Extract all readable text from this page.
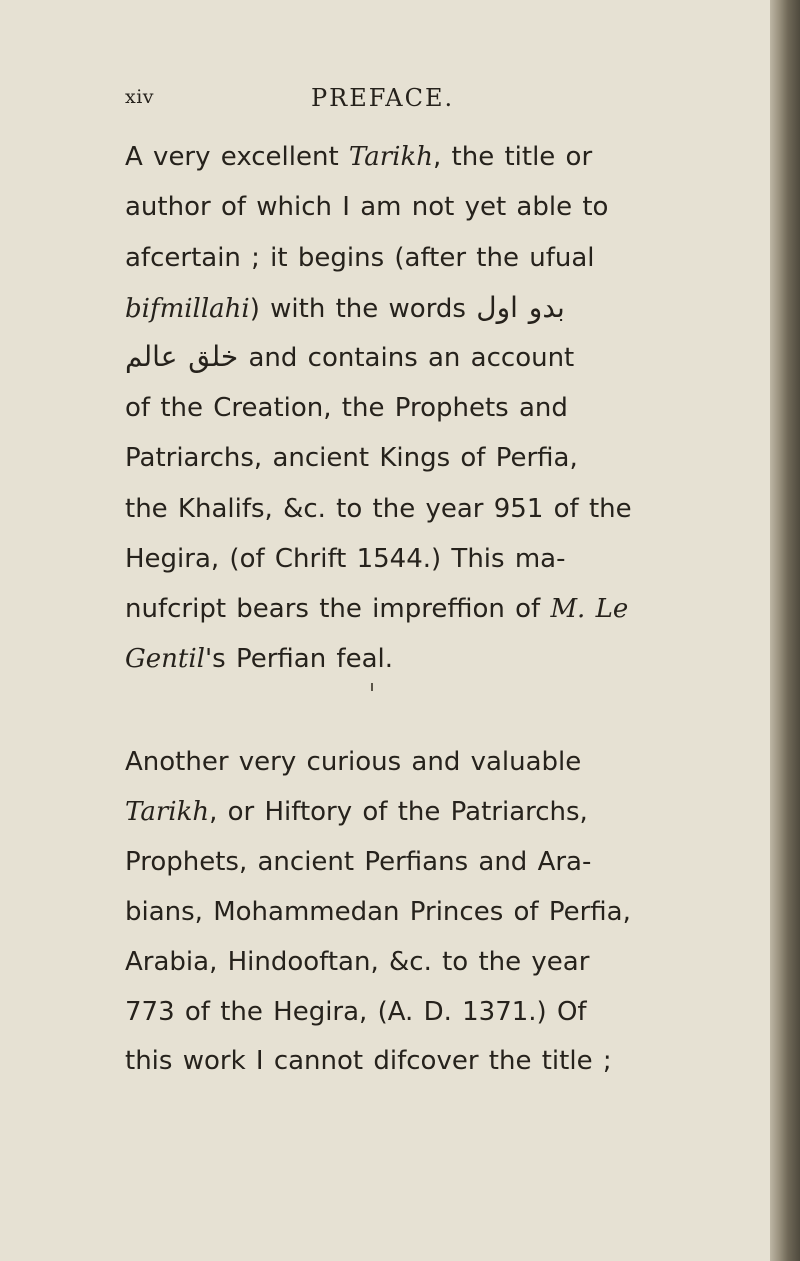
xiv	PREFACE.
A very excellent Tarikh, the title or
author of which I am not yet able to
afcertain ; it begins (after the ufual
bifmillahi) with the words بدو اول
خلق عالم and contains an account
of the Creation, the Prophets and
Patriarchs, ancient Kings of Perfia,
the Khalifs, &c. to the year 951 of the
Hegira, (of Chrift 1544.) This ma-
nufcript bears the impreffion of M. Le
Gentil's Perfian feal.
Another very curious and valuable
Tarikh, or Hiftory of the Patriarchs,
Prophets, ancient Perfians and Ara-
bians, Mohammedan Princes of Perfia,
Arabia, Hindooftan, &c. to the year
773 of the Hegira, (A. D. 1371.) Of
this work I cannot difcover the title ;
